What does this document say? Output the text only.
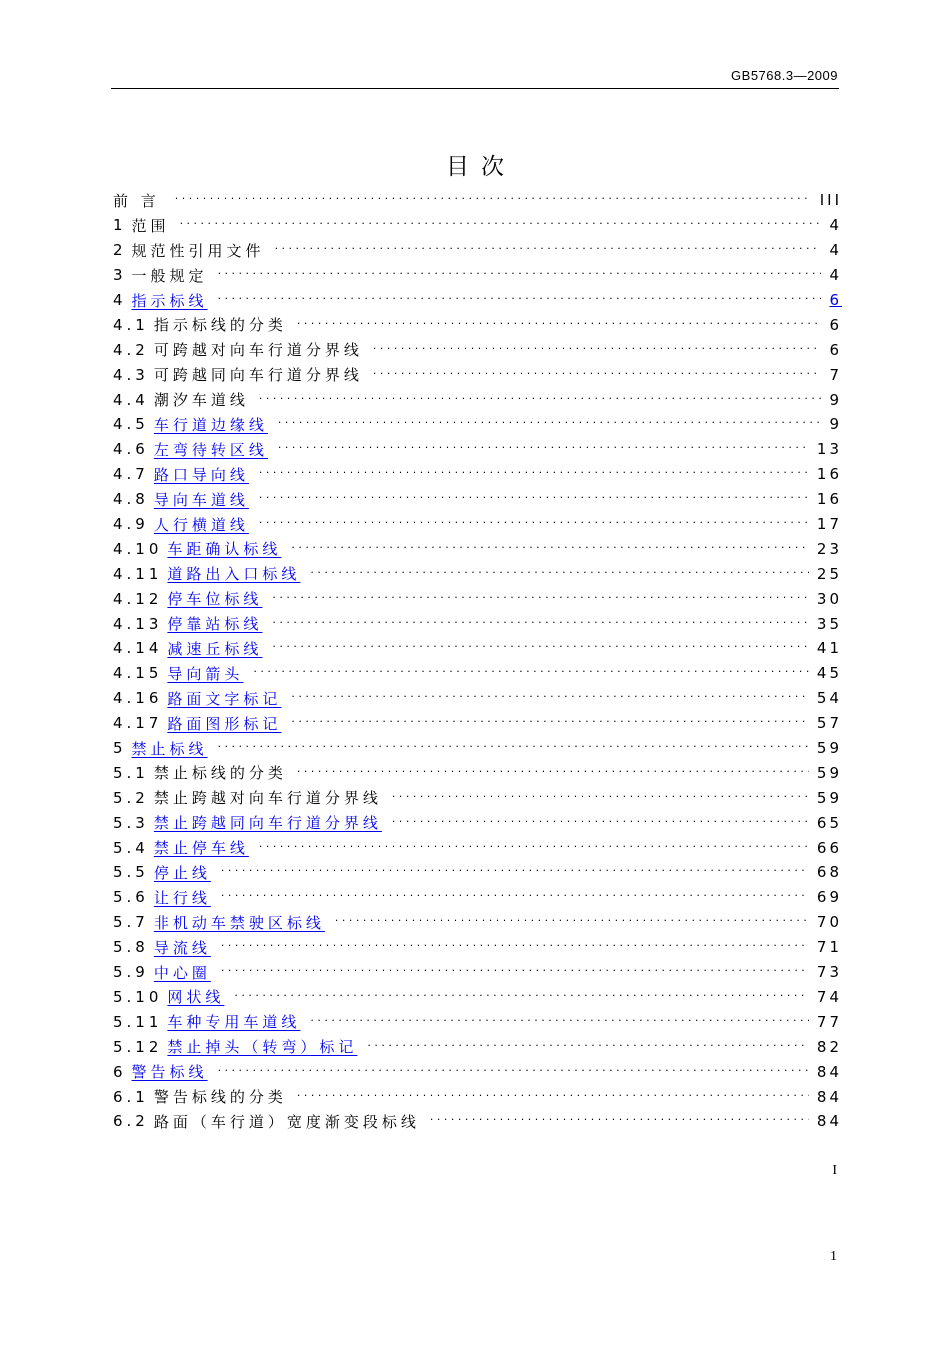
GB5768.3—2009
目次
前 言 . . .	III
1 范围 . . .	4
2 规范性引用文件 . . .	4
3 一般规定 . . .	4
4 指示标线 . . .	6
4.1 指示标线的分类 . . .	6
4.2 可跨越对向车行道分界线 . . .	6
4.3 可跨越同向车行道分界线 . . .	7
4.4 潮汐车道线 . . .	9
4.5 车行道边缘线 . . .	9
4.6 左弯待转区线 . . .	13
4.7 路口导向线 . . .	16
4.8 导向车道线 . . .	16
4.9 人行横道线 . . .	17
4.10 车距确认标线 . . .	23
4.11 道路出入口标线 . . .	25
4.12 停车位标线 . . .	30
4.13 停靠站标线 . . .	35
4.14 减速丘标线 . . .	41
4.15 导向箭头 . . .	45
4.16 路面文字标记 . . .	54
4.17 路面图形标记 . . .	57
5 禁止标线 . . .	59
5.1 禁止标线的分类 . . .	59
5.2 禁止跨越对向车行道分界线 . . .	59
5.3 禁止跨越同向车行道分界线 . . .	65
5.4 禁止停车线 . . .	66
5.5 停止线 . . .	68
5.6 让行线 . . .	69
5.7 非机动车禁驶区标线 . . .	70
5.8 导流线 . . .	71
5.9 中心圈 . . .	73
5.10 网状线 . . .	74
5.11 车种专用车道线 . . .	77
5.12 禁止掉头（转弯）标记 . . .	82
6 警告标线 . . .	84
6.1 警告标线的分类 . . .	84
6.2 路面（车行道）宽度渐变段标线 . . .	84
I
1
